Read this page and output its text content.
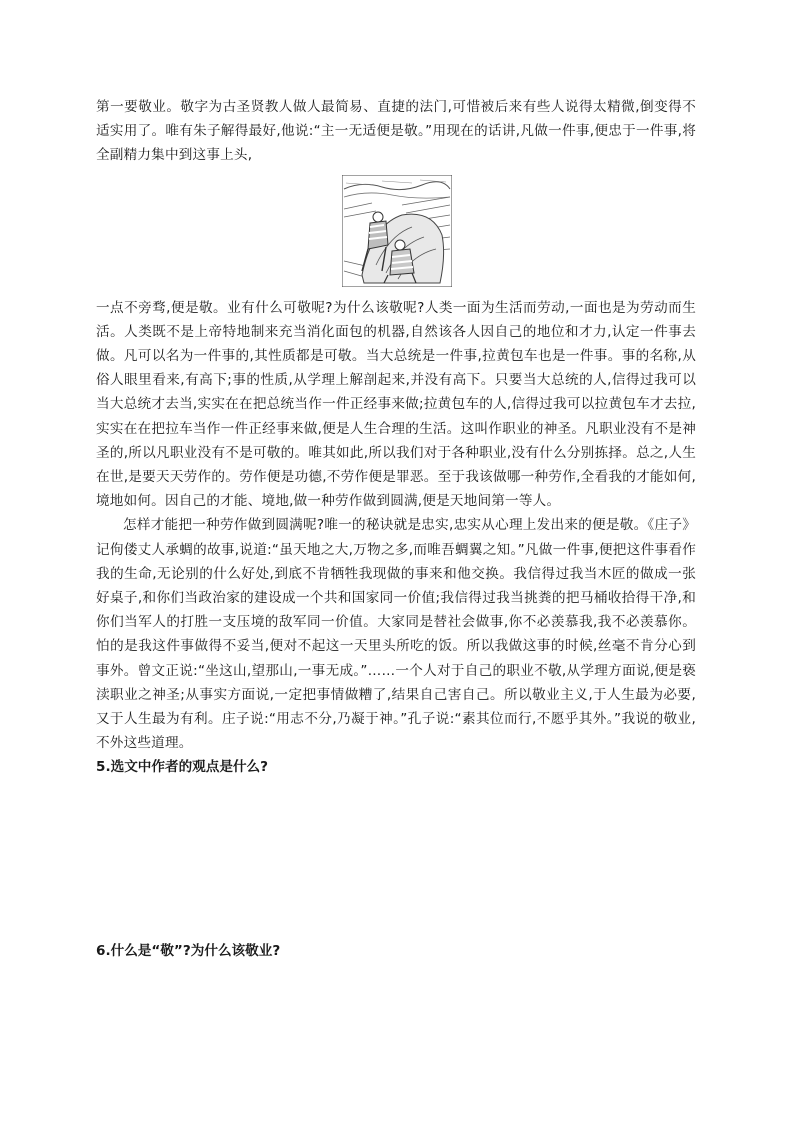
第一要敬业。敬字为古圣贤教人做人最简易、直捷的法门,可惜被后来有些人说得太精微,倒变得不适实用了。唯有朱子解得最好,他说:“主一无适便是敬。”用现在的话讲,凡做一件事,便忠于一件事,将全副精力集中到这事上头,

一点不旁骛,便是敬。业有什么可敬呢?为什么该敬呢?人类一面为生活而劳动,一面也是为劳动而生活。人类既不是上帝特地制来充当消化面包的机器,自然该各人因自己的地位和才力,认定一件事去做。凡可以名为一件事的,其性质都是可敬。当大总统是一件事,拉黄包车也是一件事。事的名称,从俗人眼里看来,有高下;事的性质,从学理上解剖起来,并没有高下。只要当大总统的人,信得过我可以当大总统才去当,实实在在把总统当作一件正经事来做;拉黄包车的人,信得过我可以拉黄包车才去拉,实实在在把拉车当作一件正经事来做,便是人生合理的生活。这叫作职业的神圣。凡职业没有不是神圣的,所以凡职业没有不是可敬的。唯其如此,所以我们对于各种职业,没有什么分别拣择。总之,人生在世,是要天天劳作的。劳作便是功德,不劳作便是罪恶。至于我该做哪一种劳作,全看我的才能如何,境地如何。因自己的才能、境地,做一种劳作做到圆满,便是天地间第一等人。

怎样才能把一种劳作做到圆满呢?唯一的秘诀就是忠实,忠实从心理上发出来的便是敬。《庄子》记佝偻丈人承蜩的故事,说道:“虽天地之大,万物之多,而唯吾蜩翼之知。”凡做一件事,便把这件事看作我的生命,无论别的什么好处,到底不肯牺牲我现做的事来和他交换。我信得过我当木匠的做成一张好桌子,和你们当政治家的建设成一个共和国家同一价值;我信得过我当挑粪的把马桶收拾得干净,和你们当军人的打胜一支压境的敌军同一价值。大家同是替社会做事,你不必羡慕我,我不必羡慕你。怕的是我这件事做得不妥当,便对不起这一天里头所吃的饭。所以我做这事的时候,丝毫不肯分心到事外。曾文正说:“坐这山,望那山,一事无成。”……一个人对于自己的职业不敬,从学理方面说,便是亵渎职业之神圣;从事实方面说,一定把事情做糟了,结果自己害自己。所以敬业主义,于人生最为必要,又于人生最为有利。庄子说:“用志不分,乃凝于神。”孔子说:“素其位而行,不愿乎其外。”我说的敬业,不外这些道理。

5.选文中作者的观点是什么?

6.什么是“敬”?为什么该敬业?
